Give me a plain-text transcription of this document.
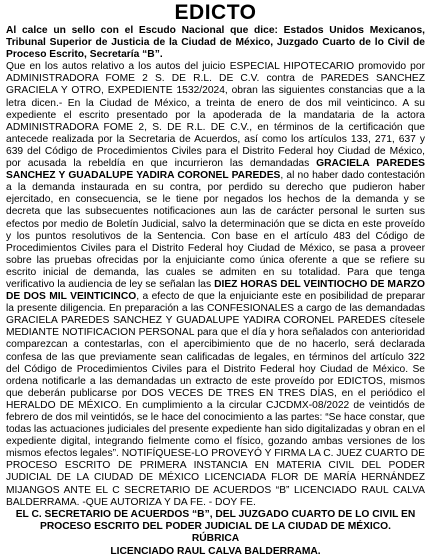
EDICTO

Al calce un sello con el Escudo Nacional que dice: Estados Unidos Mexicanos, Tribunal Superior de Justicia de la Ciudad de México, Juzgado Cuarto de lo Civil de Proceso Escrito, Secretaría “B”.

Que en los autos relativo a los autos del juicio ESPECIAL HIPOTECARIO promovido por ADMINISTRADORA FOME 2 S. DE R.L. DE C.V. contra de PAREDES SANCHEZ GRACIELA Y OTRO, EXPEDIENTE 1532/2024, obran las siguientes constancias que a la letra dicen.- En la Ciudad de México, a treinta de enero de dos mil veinticinco. A su expediente el escrito presentado por la apoderada de la mandataria de la actora ADMINISTRADORA FOME 2, S. DE R.L. DE C.V., en términos de la certificación que antecede realizada por la Secretaria de Acuerdos, así como los artículos 133, 271, 637 y 639 del Código de Procedimientos Civiles para el Distrito Federal hoy Ciudad de México, por acusada la rebeldía en que incurrieron las demandadas GRACIELA PAREDES SANCHEZ Y GUADALUPE YADIRA CORONEL PAREDES, al no haber dado contestación a la demanda instaurada en su contra, por perdido su derecho que pudieron haber ejercitado, en consecuencia, se le tiene por negados los hechos de la demanda y se decreta que las subsecuentes notificaciones aun las de carácter personal le surten sus efectos por medio de Boletín Judicial, salvo la determinación que se dicta en este proveído y los puntos resolutivos de la Sentencia. Con base en el artículo 483 del Código de Procedimientos Civiles para el Distrito Federal hoy Ciudad de México, se pasa a proveer sobre las pruebas ofrecidas por la enjuiciante como única oferente a que se refiere su escrito inicial de demanda, las cuales se admiten en su totalidad. Para que tenga verificativo la audiencia de ley se señalan las DIEZ HORAS DEL VEINTIOCHO DE MARZO DE DOS MIL VEINTICINCO, a efecto de que la enjuiciante este en posibilidad de preparar la presente diligencia. En preparación a las CONFESIONALES a cargo de las demandadas GRACIELA PAREDES SANCHEZ Y GUADALUPE YADIRA CORONEL PAREDES cítesele MEDIANTE NOTIFICACION PERSONAL para que el día y hora señalados con anterioridad comparezcan a contestarlas, con el apercibimiento que de no hacerlo, será declarada confesa de las que previamente sean calificadas de legales, en términos del artículo 322 del Código de Procedimientos Civiles para el Distrito Federal hoy Ciudad de México. Se ordena notificarle a las demandadas un extracto de este proveído por EDICTOS, mismos que deberán publicarse por DOS VECES DE TRES EN TRES DÍAS, en el periódico el HERALDO DE MÉXICO. En cumplimiento a la circular CJCDMX-08/2022 de veintidós de febrero de dos mil veintidós, se le hace del conocimiento a las partes: “Se hace constar, que todas las actuaciones judiciales del presente expediente han sido digitalizadas y obran en el expediente digital, integrando fielmente como el físico, gozando ambas versiones de los mismos efectos legales”. NOTIFÍQUESE-LO PROVEYÓ Y FIRMA LA C. JUEZ CUARTO DE PROCESO ESCRITO DE PRIMERA INSTANCIA EN MATERIA CIVIL DEL PODER JUDICIAL DE LA CIUDAD DE MÉXICO LICENCIADA FLOR DE MARÍA HERNÁNDEZ MIJANGOS ANTE EL C SECRETARIO DE ACUERDOS “B” LICENCIADO RAUL CALVA BALDERRAMA. -QUE AUTORIZA Y DA FE. - DOY FE.

EL C. SECRETARIO DE ACUERDOS “B”, DEL JUZGADO CUARTO DE LO CIVIL EN PROCESO ESCRITO DEL PODER JUDICIAL DE LA CIUDAD DE MÉXICO.

RÚBRICA

LICENCIADO RAUL CALVA BALDERRAMA.
